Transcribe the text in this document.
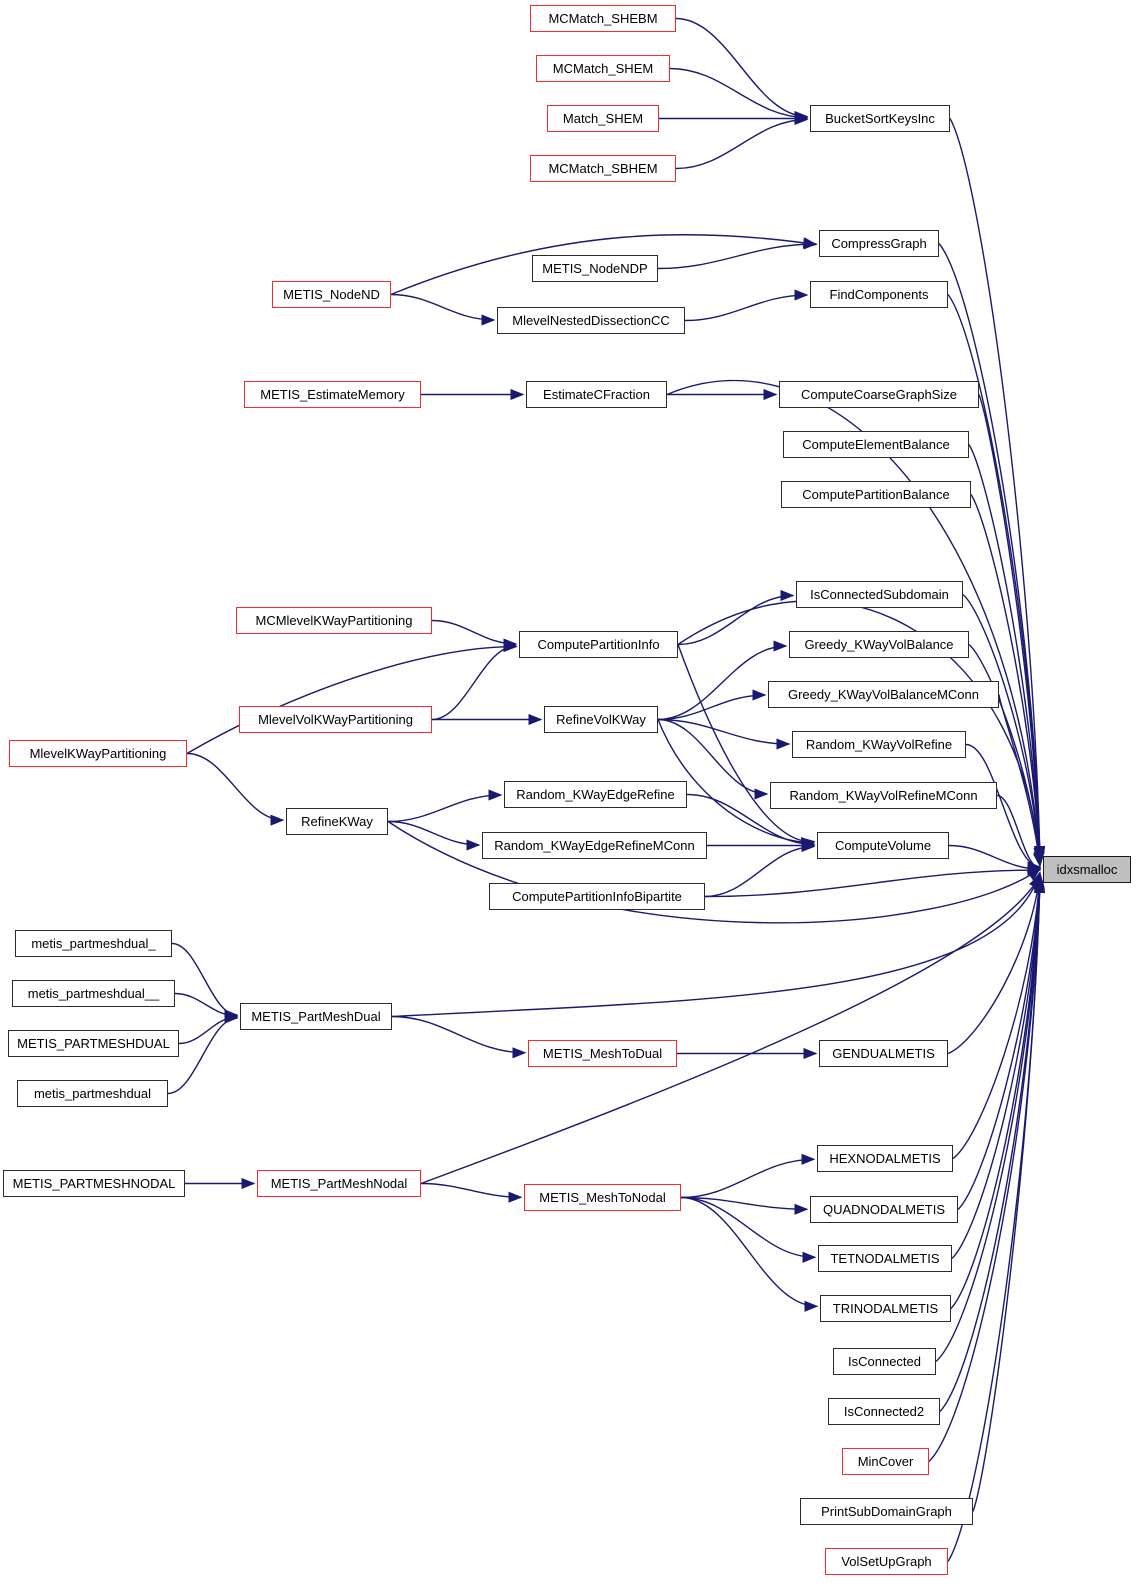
MCMatch_SHEBM
MCMatch_SHEM
Match_SHEM
MCMatch_SBHEM
BucketSortKeysInc
CompressGraph
METIS_NodeNDP
METIS_NodeND	FindComponents
MlevelNestedDissectionCC
METIS_EstimateMemory	EstimateCFraction	ComputeCoarseGraphSize
ComputeElementBalance
ComputePartitionBalance
IsConnectedSubdomain
MCMlevelKWayPartitioning
ComputePartitionInfo	Greedy_KWayVolBalance
Greedy_KWayVolBalanceMConn
MlevelVolKWayPartitioning	RefineVolKWay
Random_KWayVolRefine
MlevelKWayPartitioning
Random_KWayEdgeRefine	Random_KWayVolRefineMConn
RefineKWay
Random_KWayEdgeRefineMConn	ComputeVolume
idxsmalloc
ComputePartitionInfoBipartite
metis_partmeshdual_
metis_partmeshdual__
METIS_PARTMESHDUAL
metis_partmeshdual
METIS_PartMeshDual
METIS_MeshToDual	GENDUALMETIS
METIS_PARTMESHNODAL	METIS_PartMeshNodal
METIS_MeshToNodal
HEXNODALMETIS
QUADNODALMETIS
TETNODALMETIS
TRINODALMETIS
IsConnected
IsConnected2
MinCover
PrintSubDomainGraph
VolSetUpGraph
